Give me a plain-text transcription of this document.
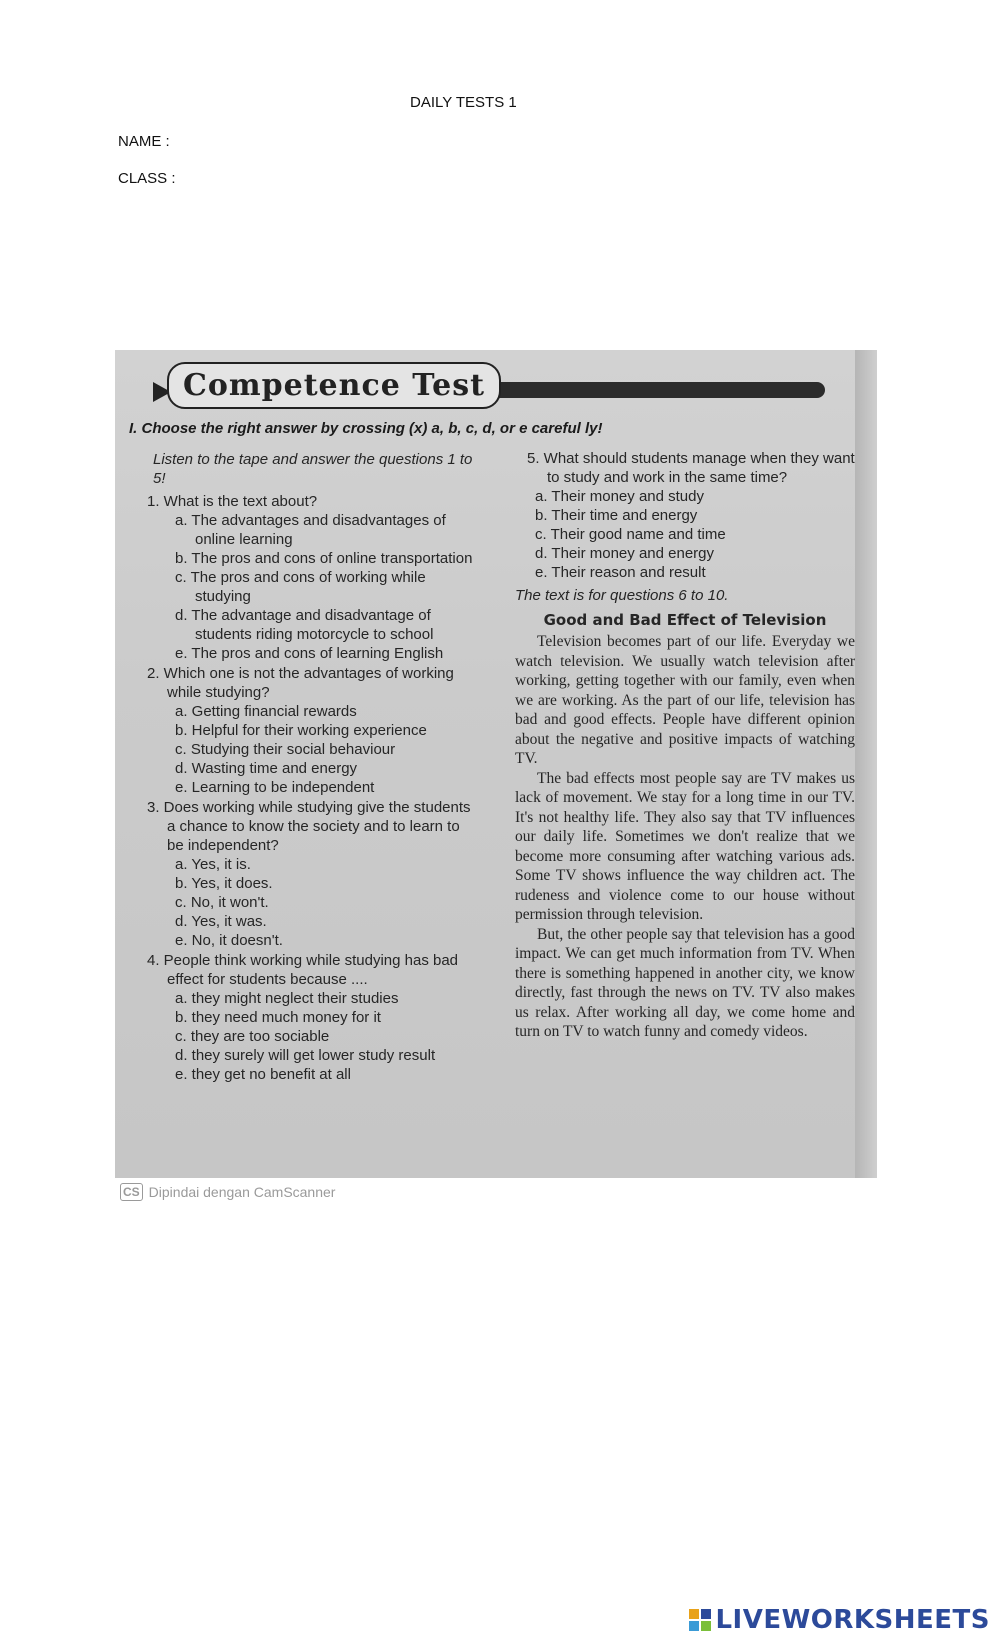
DAILY TESTS 1
NAME :
CLASS :
Competence Test
I. Choose the right answer by crossing (x) a, b, c, d, or e careful ly!

Listen to the tape and answer the questions 1 to 5!

1. What is the text about?

a. The advantages and disadvantages of online learning

b. The pros and cons of online transportation

c. The pros and cons of working while studying

d. The advantage and disadvantage of students riding motorcycle to school

e. The pros and cons of learning English

2. Which one is not the advantages of working while studying?

a. Getting financial rewards

b. Helpful for their working experience

c. Studying their social behaviour

d. Wasting time and energy

e. Learning to be independent

3. Does working while studying give the students a chance to know the society and to learn to be independent?

a. Yes, it is.

b. Yes, it does.

c. No, it won't.

d. Yes, it was.

e. No, it doesn't.

4. People think working while studying has bad effect for students because ....

a. they might neglect their studies

b. they need much money for it

c. they are too sociable

d. they surely will get lower study result

e. they get no benefit at all

5. What should students manage when they want to study and work in the same time?

a. Their money and study

b. Their time and energy

c. Their good name and time

d. Their money and energy

e. Their reason and result

The text is for questions 6 to 10.

Good and Bad Effect of Television

Television becomes part of our life. Everyday we watch television. We usually watch television after working, getting together with our family, even when we are working. As the part of our life, television has bad and good effects. People have different opinion about the negative and positive impacts of watching TV.

The bad effects most people say are TV makes us lack of movement. We stay for a long time in our TV. It's not healthy life. They also say that TV influences our daily life. Sometimes we don't realize that we become more consuming after watching various ads. Some TV shows influence the way children act. The rudeness and violence come to our house without permission through television.

But, the other people say that television has a good impact. We can get much information from TV. When there is something happened in another city, we know directly, fast through the news on TV. TV also makes us relax. After working all day, we come home and turn on TV to watch funny and comedy videos.

CS Dipindai dengan CamScanner
LIVEWORKSHEETS
